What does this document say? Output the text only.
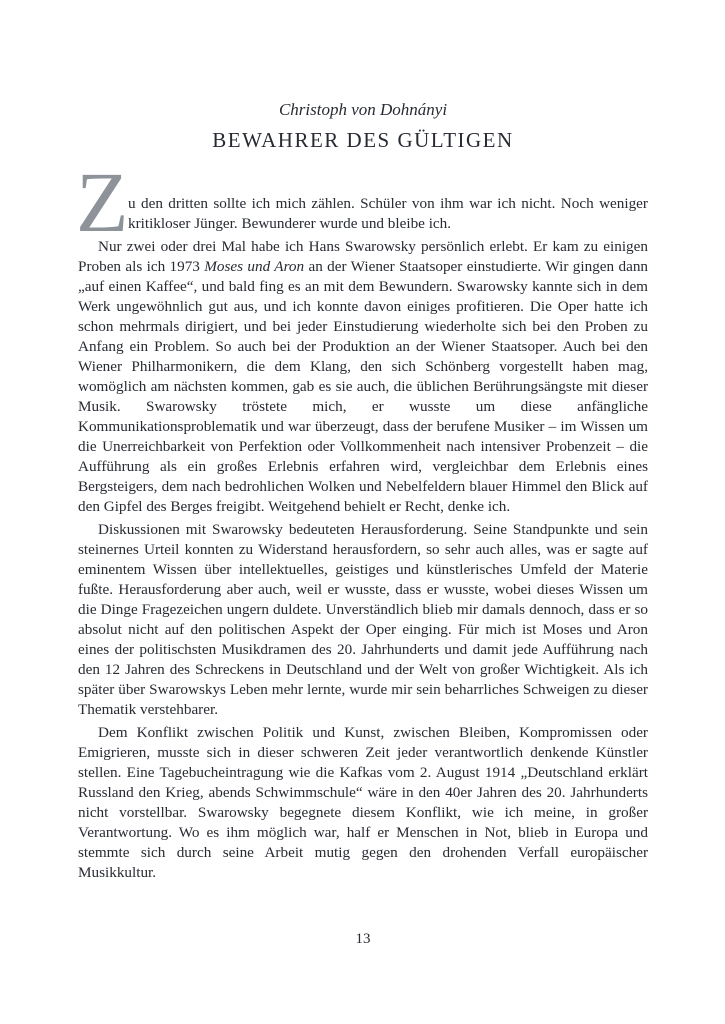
Christoph von Dohnányi
BEWAHRER DES GÜLTIGEN

Z u den dritten sollte ich mich zählen. Schüler von ihm war ich nicht. Noch weniger kritikloser Jünger. Bewunderer wurde und bleibe ich.

Nur zwei oder drei Mal habe ich Hans Swarowsky persönlich erlebt. Er kam zu einigen Proben als ich 1973 Moses und Aron an der Wiener Staatsoper einstudierte. Wir gingen dann „auf einen Kaffee“, und bald fing es an mit dem Bewundern. Swarowsky kannte sich in dem Werk ungewöhnlich gut aus, und ich konnte davon einiges profitieren. Die Oper hatte ich schon mehrmals dirigiert, und bei jeder Einstudierung wiederholte sich bei den Proben zu Anfang ein Problem. So auch bei der Produktion an der Wiener Staatsoper. Auch bei den Wiener Philharmonikern, die dem Klang, den sich Schönberg vorgestellt haben mag, womöglich am nächsten kommen, gab es sie auch, die üblichen Berührungsängste mit dieser Musik. Swarowsky tröstete mich, er wusste um diese anfängliche Kommunikationsproblematik und war überzeugt, dass der berufene Musiker – im Wissen um die Unerreichbarkeit von Perfektion oder Vollkommenheit nach intensiver Probenzeit – die Aufführung als ein großes Erlebnis erfahren wird, vergleichbar dem Erlebnis eines Bergsteigers, dem nach bedrohlichen Wolken und Nebelfeldern blauer Himmel den Blick auf den Gipfel des Berges freigibt. Weitgehend behielt er Recht, denke ich.

Diskussionen mit Swarowsky bedeuteten Herausforderung. Seine Standpunkte und sein steinernes Urteil konnten zu Widerstand herausfordern, so sehr auch alles, was er sagte auf eminentem Wissen über intellektuelles, geistiges und künstlerisches Umfeld der Materie fußte. Herausforderung aber auch, weil er wusste, dass er wusste, wobei dieses Wissen um die Dinge Fragezeichen ungern duldete. Unverständlich blieb mir damals dennoch, dass er so absolut nicht auf den politischen Aspekt der Oper einging. Für mich ist Moses und Aron eines der politischsten Musikdramen des 20. Jahrhunderts und damit jede Aufführung nach den 12 Jahren des Schreckens in Deutschland und der Welt von großer Wichtigkeit. Als ich später über Swarowskys Leben mehr lernte, wurde mir sein beharrliches Schweigen zu dieser Thematik verstehbarer.

Dem Konflikt zwischen Politik und Kunst, zwischen Bleiben, Kompromissen oder Emigrieren, musste sich in dieser schweren Zeit jeder verantwortlich denkende Künstler stellen. Eine Tagebucheintragung wie die Kafkas vom 2. August 1914 „Deutschland erklärt Russland den Krieg, abends Schwimmschule“ wäre in den 40er Jahren des 20. Jahrhunderts nicht vorstellbar. Swarowsky begegnete diesem Konflikt, wie ich meine, in großer Verantwortung. Wo es ihm möglich war, half er Menschen in Not, blieb in Europa und stemmte sich durch seine Arbeit mutig gegen den drohenden Verfall europäischer Musikkultur.

13
